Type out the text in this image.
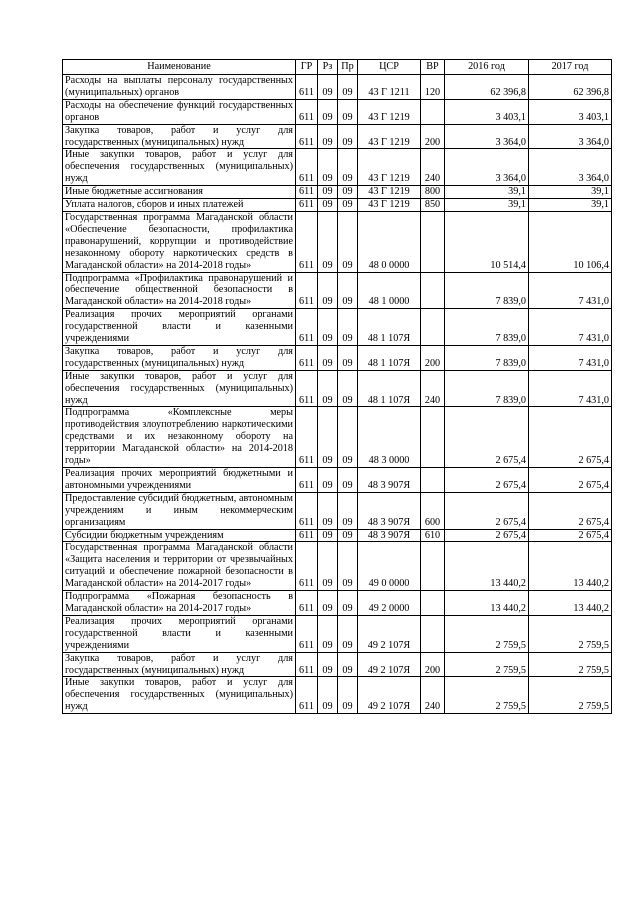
Наименование	ГР	Рз	Пр	ЦСР	ВР	2016 год	2017 год
Расходы на выплаты персоналу государственных (муниципальных) органов	611	09	09	43 Г 1211	120	62 396,8	62 396,8
Расходы на обеспечение функций государственных органов	611	09	09	43 Г 1219		3 403,1	3 403,1
Закупка товаров, работ и услуг для государственных (муниципальных) нужд	611	09	09	43 Г 1219	200	3 364,0	3 364,0
Иные закупки товаров, работ и услуг для обеспечения государственных (муниципальных) нужд	611	09	09	43 Г 1219	240	3 364,0	3 364,0
Иные бюджетные ассигнования	611	09	09	43 Г 1219	800	39,1	39,1
Уплата налогов, сборов и иных платежей	611	09	09	43 Г 1219	850	39,1	39,1
Государственная программа Магаданской области «Обеспечение безопасности, профилактика правонарушений, коррупции и противодействие незаконному обороту наркотических средств в Магаданской области» на 2014-2018 годы»	611	09	09	48 0 0000		10 514,4	10 106,4
Подпрограмма «Профилактика правонарушений и обеспечение общественной безопасности в Магаданской области» на 2014-2018 годы»	611	09	09	48 1 0000		7 839,0	7 431,0
Реализация прочих мероприятий органами государственной власти и казенными учреждениями	611	09	09	48 1 107Я		7 839,0	7 431,0
Закупка товаров, работ и услуг для государственных (муниципальных) нужд	611	09	09	48 1 107Я	200	7 839,0	7 431,0
Иные закупки товаров, работ и услуг для обеспечения государственных (муниципальных) нужд	611	09	09	48 1 107Я	240	7 839,0	7 431,0
Подпрограмма «Комплексные меры противодействия злоупотреблению наркотическими средствами и их незаконному обороту на территории Магаданской области» на 2014-2018 годы»	611	09	09	48 3 0000		2 675,4	2 675,4
Реализация прочих мероприятий бюджетными и автономными учреждениями	611	09	09	48 3 907Я		2 675,4	2 675,4
Предоставление субсидий бюджетным, автономным учреждениям и иным некоммерческим организациям	611	09	09	48 3 907Я	600	2 675,4	2 675,4
Субсидии бюджетным учреждениям	611	09	09	48 3 907Я	610	2 675,4	2 675,4
Государственная программа Магаданской области «Защита населения и территории от чрезвычайных ситуаций и обеспечение пожарной безопасности в Магаданской области» на 2014-2017 годы»	611	09	09	49 0 0000		13 440,2	13 440,2
Подпрограмма «Пожарная безопасность в Магаданской области» на 2014-2017 годы»	611	09	09	49 2 0000		13 440,2	13 440,2
Реализация прочих мероприятий органами государственной власти и казенными учреждениями	611	09	09	49 2 107Я		2 759,5	2 759,5
Закупка товаров, работ и услуг для государственных (муниципальных) нужд	611	09	09	49 2 107Я	200	2 759,5	2 759,5
Иные закупки товаров, работ и услуг для обеспечения государственных (муниципальных) нужд	611	09	09	49 2 107Я	240	2 759,5	2 759,5
